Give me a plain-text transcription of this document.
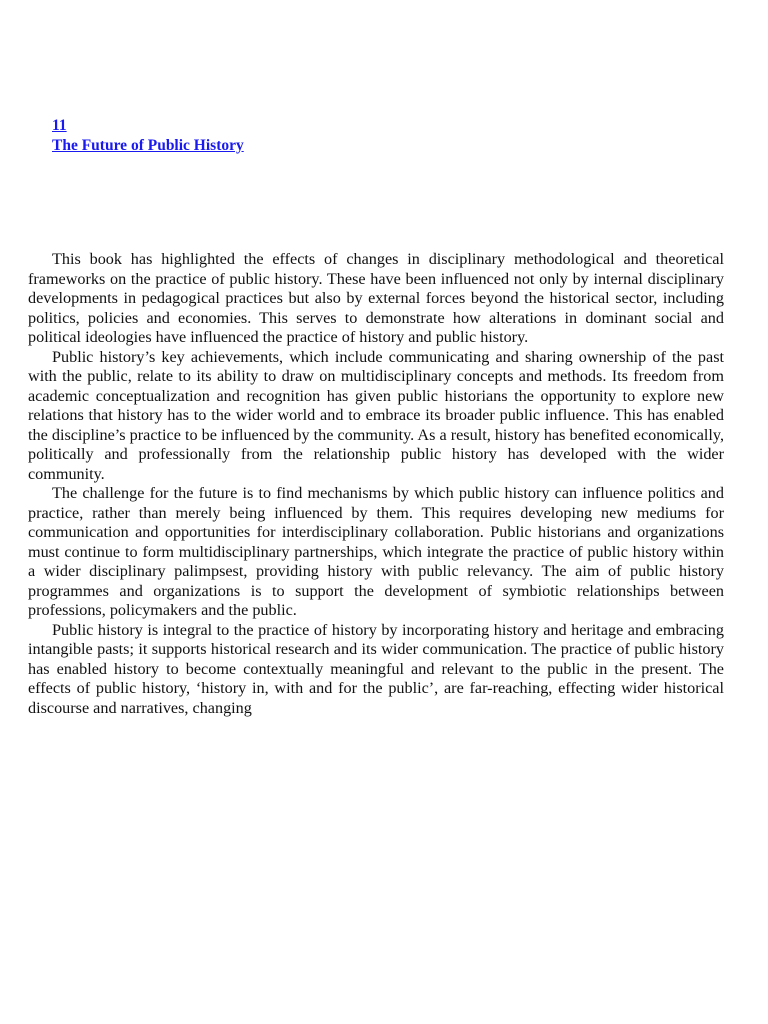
11
The Future of Public History

This book has highlighted the effects of changes in disciplinary methodological and theoretical frameworks on the practice of public history. These have been influenced not only by internal disciplinary developments in pedagogical practices but also by external forces beyond the historical sector, including politics, policies and economies. This serves to demonstrate how alterations in dominant social and political ideologies have influenced the practice of history and public history.

Public history’s key achievements, which include communicating and sharing ownership of the past with the public, relate to its ability to draw on multidisciplinary concepts and methods. Its freedom from academic conceptualization and recognition has given public historians the opportunity to explore new relations that history has to the wider world and to embrace its broader public influence. This has enabled the discipline’s practice to be influenced by the community. As a result, history has benefited economically, politically and professionally from the relationship public history has developed with the wider community.

The challenge for the future is to find mechanisms by which public history can influence politics and practice, rather than merely being influenced by them. This requires developing new mediums for communication and opportunities for interdisciplinary collaboration. Public historians and organizations must continue to form multidisciplinary partnerships, which integrate the practice of public history within a wider disciplinary palimpsest, providing history with public relevancy. The aim of public history programmes and organizations is to support the development of symbiotic relationships between professions, policymakers and the public.

Public history is integral to the practice of history by incorporating history and heritage and embracing intangible pasts; it supports historical research and its wider communication. The practice of public history has enabled history to become contextually meaningful and relevant to the public in the present. The effects of public history, ‘history in, with and for the public’, are far-reaching, effecting wider historical discourse and narratives, changing
